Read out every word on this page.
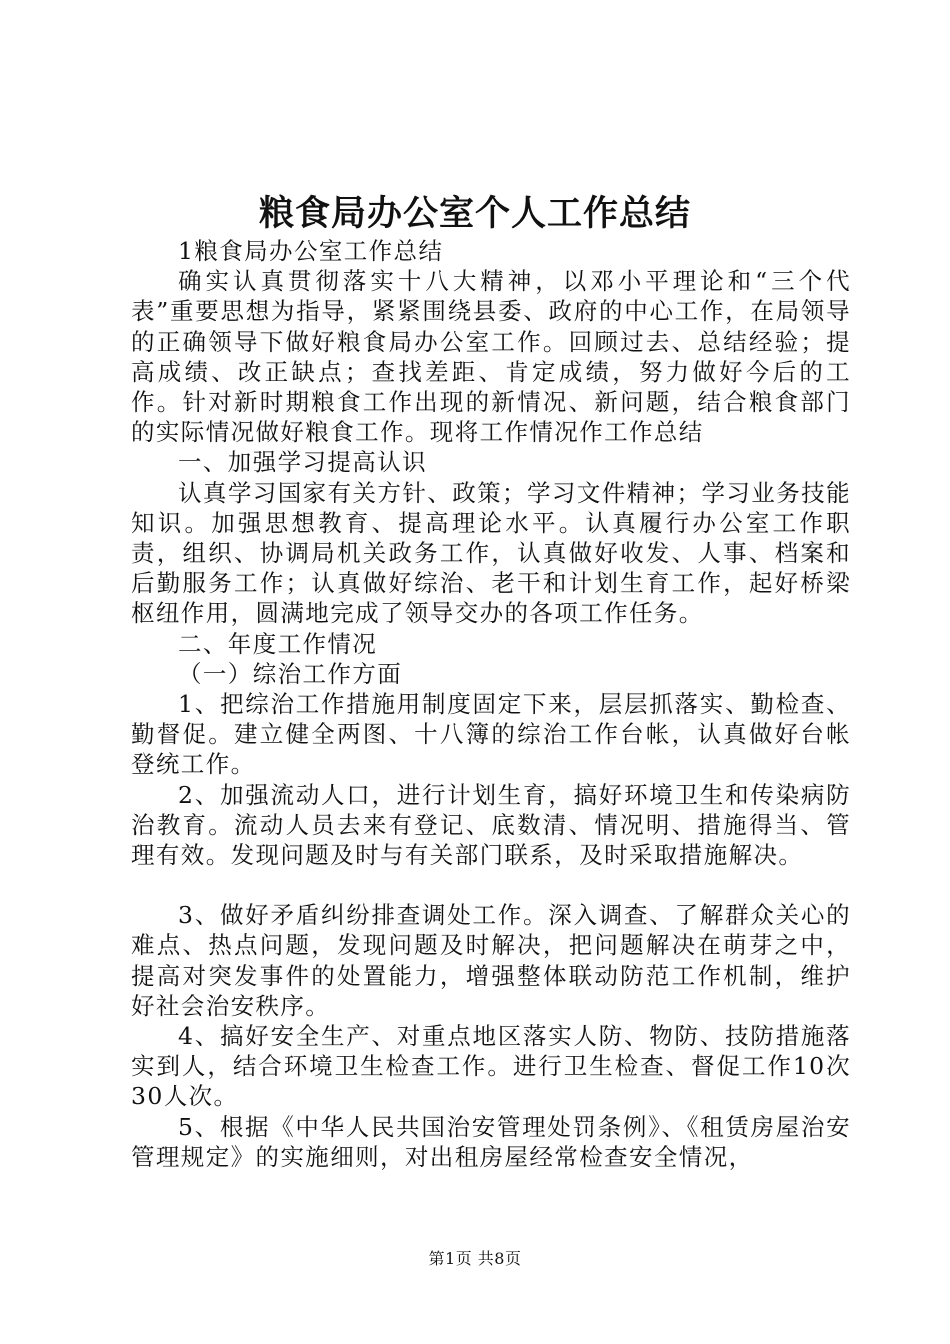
粮食局办公室个人工作总结

1粮食局办公室工作总结

确实认真贯彻落实十八大精神，以邓小平理论和“三个代表”重要思想为指导，紧紧围绕县委、政府的中心工作，在局领导的正确领导下做好粮食局办公室工作。回顾过去、总结经验；提高成绩、改正缺点；查找差距、肯定成绩，努力做好今后的工作。针对新时期粮食工作出现的新情况、新问题，结合粮食部门的实际情况做好粮食工作。现将工作情况作工作总结

一、加强学习提高认识

认真学习国家有关方针、政策；学习文件精神；学习业务技能知识。加强思想教育、提高理论水平。认真履行办公室工作职责，组织、协调局机关政务工作，认真做好收发、人事、档案和后勤服务工作；认真做好综治、老干和计划生育工作，起好桥梁枢纽作用，圆满地完成了领导交办的各项工作任务。

二、年度工作情况

（一）综治工作方面

1、把综治工作措施用制度固定下来，层层抓落实、勤检查、勤督促。建立健全两图、十八簿的综治工作台帐，认真做好台帐登统工作。

2、加强流动人口，进行计划生育，搞好环境卫生和传染病防治教育。流动人员去来有登记、底数清、情况明、措施得当、管理有效。发现问题及时与有关部门联系，及时采取措施解决。

3、做好矛盾纠纷排查调处工作。深入调查、了解群众关心的难点、热点问题，发现问题及时解决，把问题解决在萌芽之中，提高对突发事件的处置能力，增强整体联动防范工作机制，维护好社会治安秩序。

4、搞好安全生产、对重点地区落实人防、物防、技防措施落实到人，结合环境卫生检查工作。进行卫生检查、督促工作10次30人次。

5、根据《中华人民共国治安管理处罚条例》、《租赁房屋治安管理规定》的实施细则，对出租房屋经常检查安全情况，

第1页 共8页
